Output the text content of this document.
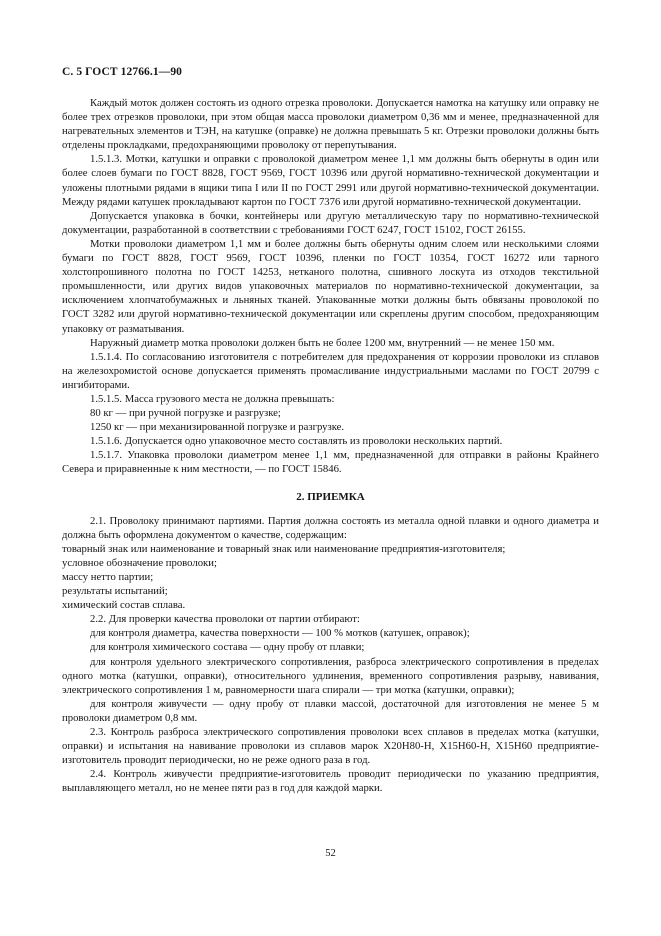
С. 5 ГОСТ 12766.1—90

Каждый моток должен состоять из одного отрезка проволоки. Допускается намотка на катушку или оправку не более трех отрезков проволоки, при этом общая масса проволоки диаметром 0,36 мм и менее, предназначенной для нагревательных элементов и ТЭН, на катушке (оправке) не должна превышать 5 кг. Отрезки проволоки должны быть отделены прокладками, предохраняющими проволоку от перепутывания.

1.5.1.3. Мотки, катушки и оправки с проволокой диаметром менее 1,1 мм должны быть обернуты в один или более слоев бумаги по ГОСТ 8828, ГОСТ 9569, ГОСТ 10396 или другой нормативно-технической документации и уложены плотными рядами в ящики типа I или II по ГОСТ 2991 или другой нормативно-технической документации. Между рядами катушек прокладывают картон по ГОСТ 7376 или другой нормативно-технической документации.

Допускается упаковка в бочки, контейнеры или другую металлическую тару по нормативно-технической документации, разработанной в соответствии с требованиями ГОСТ 6247, ГОСТ 15102, ГОСТ 26155.

Мотки проволоки диаметром 1,1 мм и более должны быть обернуты одним слоем или несколькими слоями бумаги по ГОСТ 8828, ГОСТ 9569, ГОСТ 10396, пленки по ГОСТ 10354, ГОСТ 16272 или тарного холстопрошивного полотна по ГОСТ 14253, нетканого полотна, сшивного лоскута из отходов текстильной промышленности, или других видов упаковочных материалов по нормативно-технической документации, за исключением хлопчатобумажных и льняных тканей. Упакованные мотки должны быть обвязаны проволокой по ГОСТ 3282 или другой нормативно-технической документации или скреплены другим способом, предохраняющим упаковку от разматывания.

Наружный диаметр мотка проволоки должен быть не более 1200 мм, внутренний — не менее 150 мм.

1.5.1.4. По согласованию изготовителя с потребителем для предохранения от коррозии проволоки из сплавов на железохромистой основе допускается применять промасливание индустриальными маслами по ГОСТ 20799 с ингибиторами.

1.5.1.5. Масса грузового места не должна превышать:

80 кг — при ручной погрузке и разгрузке;

1250 кг — при механизированной погрузке и разгрузке.

1.5.1.6. Допускается одно упаковочное место составлять из проволоки нескольких партий.

1.5.1.7. Упаковка проволоки диаметром менее 1,1 мм, предназначенной для отправки в районы Крайнего Севера и приравненные к ним местности, — по ГОСТ 15846.

2. ПРИЕМКА

2.1. Проволоку принимают партиями. Партия должна состоять из металла одной плавки и одного диаметра и должна быть оформлена документом о качестве, содержащим:

товарный знак или наименование и товарный знак или наименование предприятия-изготовителя;

условное обозначение проволоки;

массу нетто партии;

результаты испытаний;

химический состав сплава.

2.2. Для проверки качества проволоки от партии отбирают:

для контроля диаметра, качества поверхности — 100 % мотков (катушек, оправок);

для контроля химического состава — одну пробу от плавки;

для контроля удельного электрического сопротивления, разброса электрического сопротивления в пределах одного мотка (катушки, оправки), относительного удлинения, временного сопротивления разрыву, навивания, электрического сопротивления 1 м, равномерности шага спирали — три мотка (катушки, оправки);

для контроля живучести — одну пробу от плавки массой, достаточной для изготовления не менее 5 м проволоки диаметром 0,8 мм.

2.3. Контроль разброса электрического сопротивления проволоки всех сплавов в пределах мотка (катушки, оправки) и испытания на навивание проволоки из сплавов марок Х20Н80-Н, Х15Н60-Н, Х15Н60 предприятие-изготовитель проводит периодически, но не реже одного раза в год.

2.4. Контроль живучести предприятие-изготовитель проводит периодически по указанию предприятия, выплавляющего металл, но не менее пяти раз в год для каждой марки.

52
